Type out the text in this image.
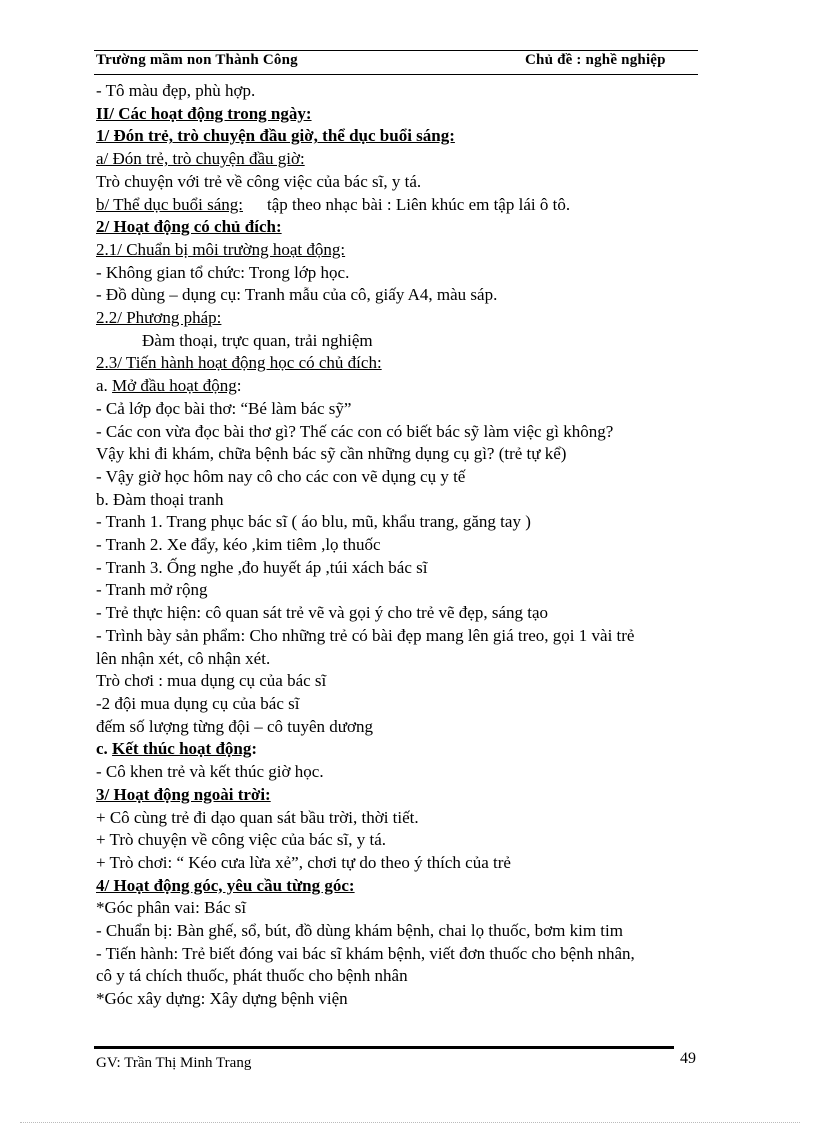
Trường mầm non Thành Công	Chủ đề : nghề nghiệp
- Tô màu đẹp, phù hợp.
II/ Các hoạt động trong ngày:
1/ Đón trẻ, trò chuyện đầu giờ, thể dục buổi sáng:
a/ Đón trẻ, trò chuyện đầu giờ:
Trò chuyện với trẻ về công việc của bác sĩ, y tá.
b/ Thể dục buổi sáng: tập theo nhạc bài : Liên khúc em tập lái ô tô.
2/ Hoạt động có chủ đích:
2.1/ Chuẩn bị môi trường hoạt động:
- Không gian tổ chức: Trong lớp học.
- Đồ dùng – dụng cụ: Tranh mẫu của cô, giấy A4, màu sáp.
2.2/ Phương pháp:
Đàm thoại, trực quan, trải nghiệm
2.3/ Tiến hành hoạt động học có chủ đích:
a. Mở đầu hoạt động:
- Cả lớp đọc bài thơ: “Bé làm bác sỹ”
- Các con vừa đọc bài thơ gì? Thế các con có biết bác sỹ làm việc gì không?
Vậy khi đi khám, chữa bệnh bác sỹ cần những dụng cụ gì? (trẻ tự kể)
- Vậy giờ học hôm nay cô cho các con vẽ dụng cụ y tế
b. Đàm thoại tranh
- Tranh 1. Trang phục bác sĩ ( áo blu, mũ, khẩu trang, găng tay )
- Tranh 2. Xe đẩy, kéo ,kim tiêm ,lọ thuốc
- Tranh 3. Ống nghe ,đo huyết áp ,túi xách bác sĩ
- Tranh mở rộng
- Trẻ thực hiện: cô quan sát trẻ vẽ và gọi ý cho trẻ vẽ đẹp, sáng tạo
- Trình bày sản phẩm: Cho những trẻ có bài đẹp mang lên giá treo, gọi 1 vài trẻ
lên nhận xét, cô nhận xét.
Trò chơi : mua dụng cụ của bác sĩ
-2 đội mua dụng cụ của bác sĩ
đếm số lượng từng đội – cô tuyên dương
c. Kết thúc hoạt động:
- Cô khen trẻ và kết thúc giờ học.
3/ Hoạt động ngoài trời:
+ Cô cùng trẻ đi dạo quan sát bầu trời, thời tiết.
+ Trò chuyện về công việc của bác sĩ, y tá.
+ Trò chơi: “ Kéo cưa lừa xẻ”, chơi tự do theo ý thích của trẻ
4/ Hoạt động góc, yêu cầu từng góc:
*Góc phân vai: Bác sĩ
- Chuẩn bị: Bàn ghế, sổ, bút, đồ dùng khám bệnh, chai lọ thuốc, bơm kim tim
- Tiến hành: Trẻ biết đóng vai bác sĩ khám bệnh, viết đơn thuốc cho bệnh nhân,
cô y tá chích thuốc, phát thuốc cho bệnh nhân
*Góc xây dựng: Xây dựng bệnh viện
GV: Trần Thị Minh Trang	49
